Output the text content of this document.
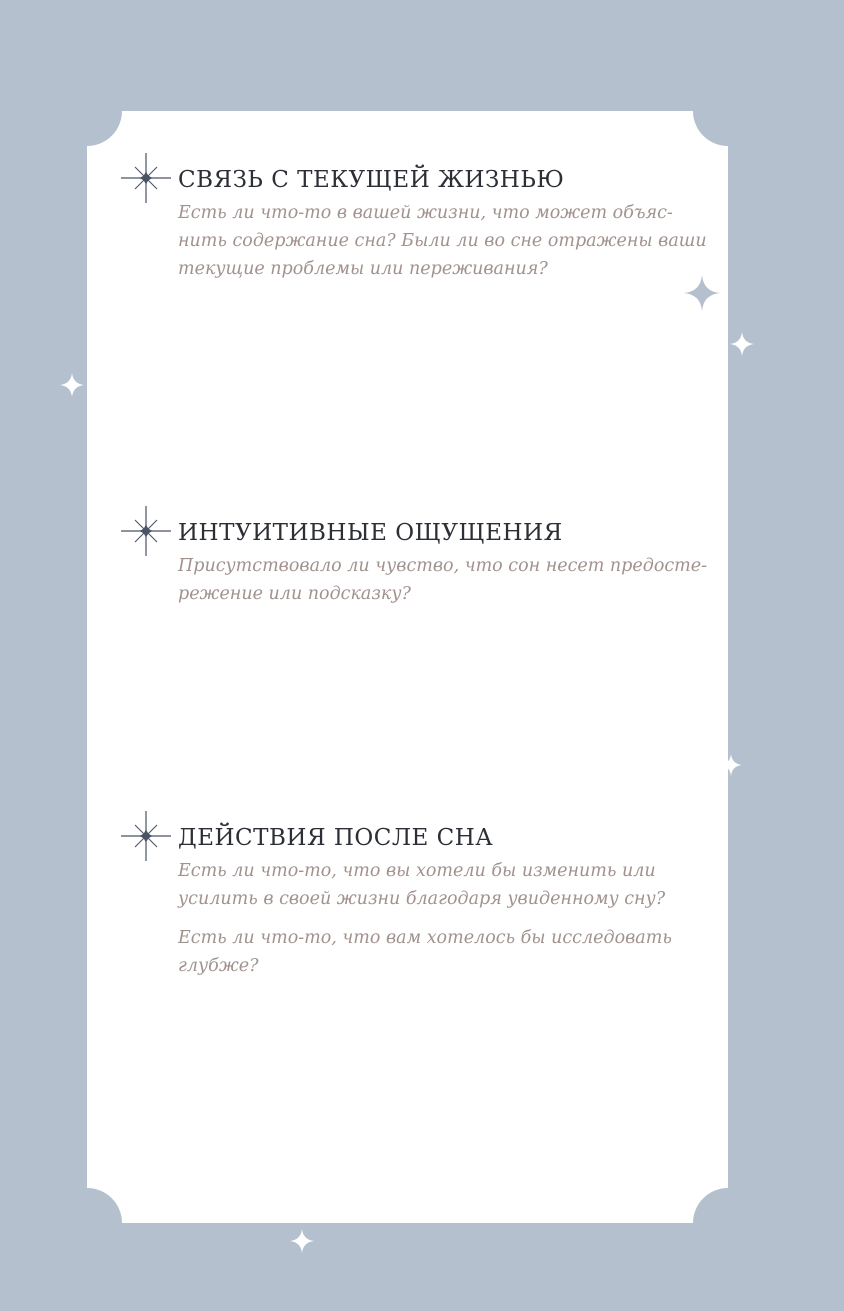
СВЯЗЬ С ТЕКУЩЕЙ ЖИЗНЬЮ

Есть ли что-то в вашей жизни, что может объяс-нить содержание сна? Были ли во сне отражены ваши текущие проблемы или переживания?

ИНТУИТИВНЫЕ ОЩУЩЕНИЯ

Присутствовало ли чувство, что сон несет предосте-режение или подсказку?

ДЕЙСТВИЯ ПОСЛЕ СНА

Есть ли что-то, что вы хотели бы изменить или усилить в своей жизни благодаря увиденному сну?

Есть ли что-то, что вам хотелось бы исследовать глубже?
